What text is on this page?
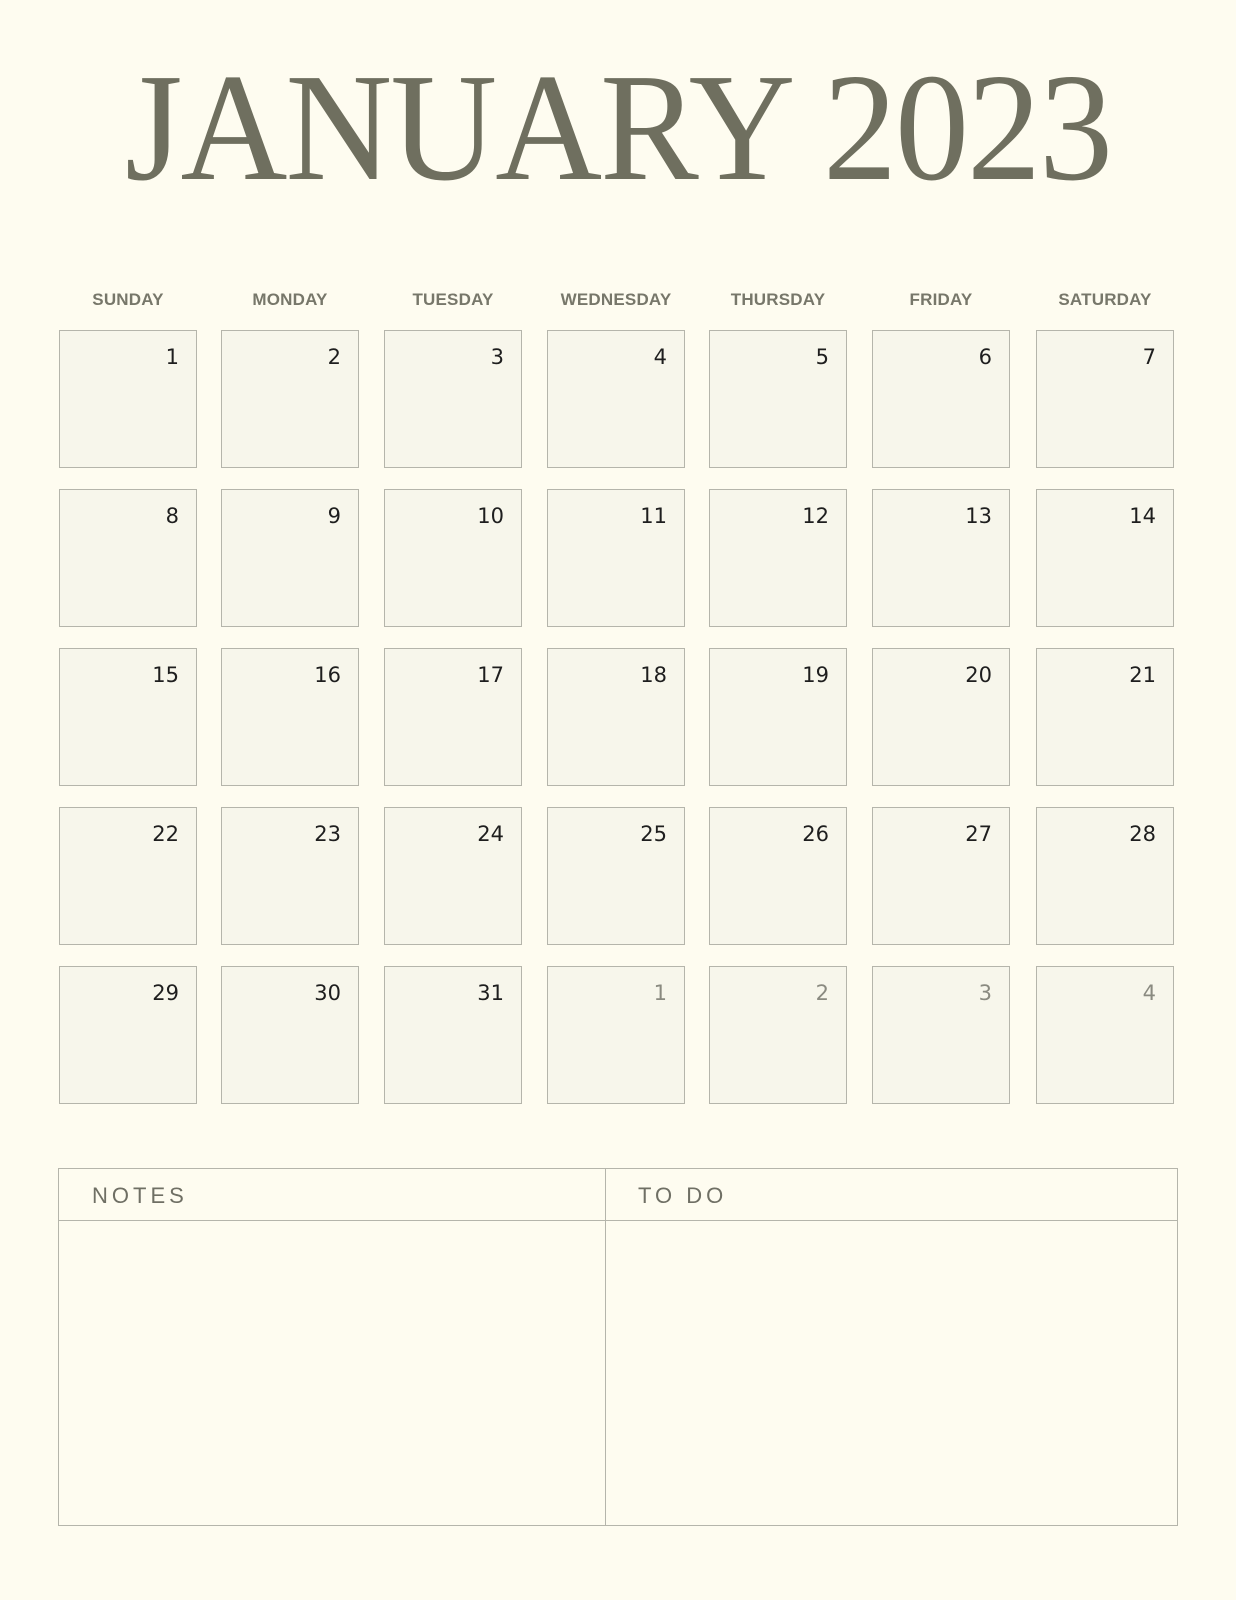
JANUARY 2023
SUNDAY	MONDAY	TUESDAY	WEDNESDAY	THURSDAY	FRIDAY	SATURDAY
1	2	3	4	5	6	7
8	9	10	11	12	13	14
15	16	17	18	19	20	21
22	23	24	25	26	27	28
29	30	31	1	2	3	4
NOTES	TO DO
